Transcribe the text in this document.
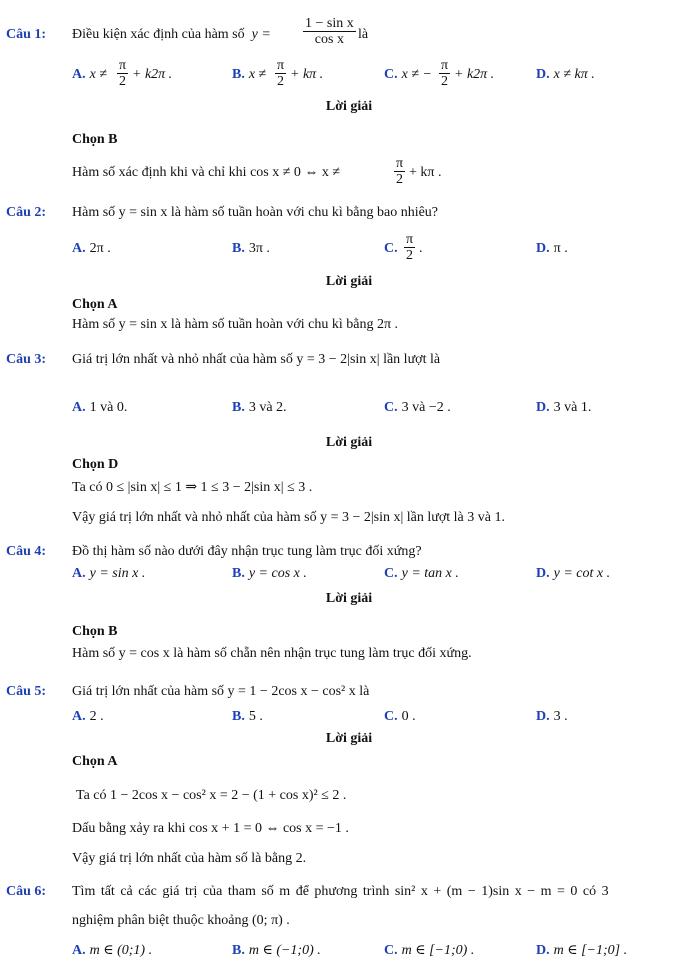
Câu 1: Điều kiện xác định của hàm số $y = \frac{\text{1 − sin x}}{\text{cos x}}$ là
A. $x \ne \frac{\pi}{2} + k2\pi$ .	B. $x \ne \frac{\pi}{2} + k\pi$ .	C. x ≠ − $\frac{\pi}{2} + k2\pi$ .	D. x ≠ kπ .
Lời giải
Chọn B
Hàm số xác định khi và chỉ khi cos x ≠ 0 ⇔ x ≠	$\frac{\pi}{2} + k\pi$ .
Câu 2: Hàm số y = sin x là hàm số tuần hoàn với chu kì bằng bao nhiêu?
A. 2π .	B. 3π .	C. $\frac{\pi}{2}$ .	D. π .
Lời giải
Chọn A
Hàm số y = sin x là hàm số tuần hoàn với chu kì bằng 2π .
Câu 3: Giá trị lớn nhất và nhỏ nhất của hàm số y = 3 − 2|sin x| lần lượt là
A. 1 và 0.	B. 3 và 2.	C. 3 và −2 .	D. 3 và 1.
Lời giải
Chọn D
Ta có 0 ≤ |sin x| ≤ 1 ⇒ 1 ≤ 3 − 2|sin x| ≤ 3 .
Vậy giá trị lớn nhất và nhỏ nhất của hàm số y = 3 − 2|sin x| lần lượt là 3 và 1.
Câu 4: Đồ thị hàm số nào dưới đây nhận trục tung làm trục đối xứng?
A. y = sin x .	B. y = cos x .	C. y = tan x .	D. y = cot x .
Lời giải
Chọn B
Hàm số y = cos x là hàm số chẵn nên nhận trục tung làm trục đối xứng.
Câu 5: Giá trị lớn nhất của hàm số y = 1 − 2cos x − cos² x là
A. 2 .	B. 5 .	C. 0 .	D. 3 .
Lời giải
Chọn A
Ta có 1 − 2cos x − cos² x = 2 − (1 + cos x)² ≤ 2 .
Dấu bằng xảy ra khi cos x + 1 = 0 ⇔ cos x = −1 .
Vậy giá trị lớn nhất của hàm số là bằng 2.
Câu 6: Tìm tất cả các giá trị của tham số m để phương trình sin² x + (m − 1)sin x − m = 0 có 3
nghiệm phân biệt thuộc khoảng (0; π) .
A. m ∈ (0;1) .	B. m ∈ (−1;0) .	C. m ∈ [−1;0) .	D. m ∈ [−1;0] .
